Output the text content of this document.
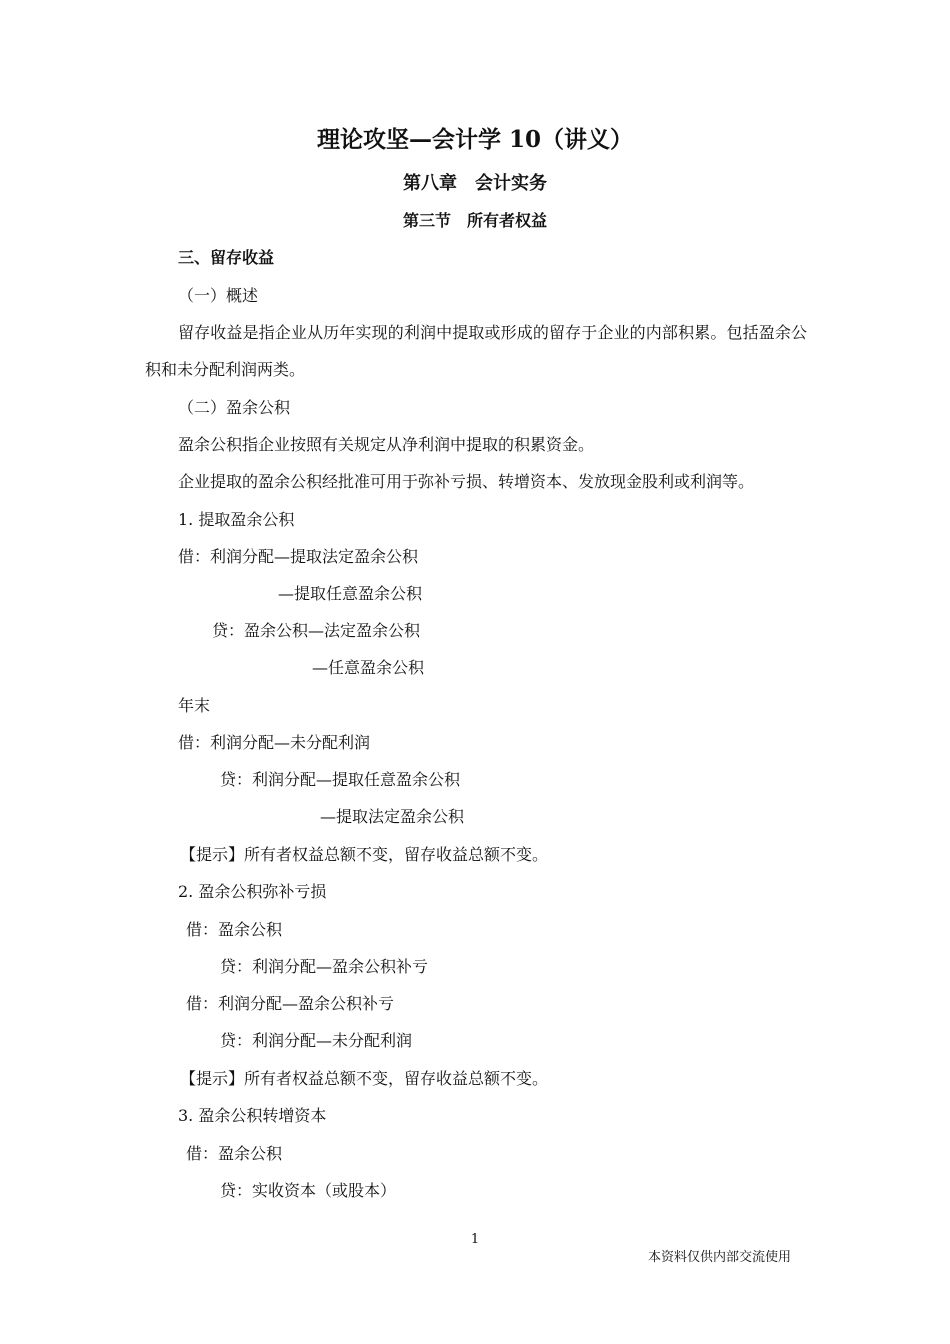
理论攻坚—会计学 10（讲义）
第八章　会计实务
第三节　所有者权益
三、留存收益
（一）概述
留存收益是指企业从历年实现的利润中提取或形成的留存于企业的内部积累。包括盈余公积和未分配利润两类。
（二）盈余公积
盈余公积指企业按照有关规定从净利润中提取的积累资金。
企业提取的盈余公积经批准可用于弥补亏损、转增资本、发放现金股利或利润等。
1. 提取盈余公积
借：利润分配—提取法定盈余公积
—提取任意盈余公积
贷：盈余公积—法定盈余公积
—任意盈余公积
年末
借：利润分配—未分配利润
贷：利润分配—提取任意盈余公积
—提取法定盈余公积
【提示】所有者权益总额不变，留存收益总额不变。
2. 盈余公积弥补亏损
借：盈余公积
贷：利润分配—盈余公积补亏
借：利润分配—盈余公积补亏
贷：利润分配—未分配利润
【提示】所有者权益总额不变，留存收益总额不变。
3. 盈余公积转增资本
借：盈余公积
贷：实收资本（或股本）
1
本资料仅供内部交流使用
